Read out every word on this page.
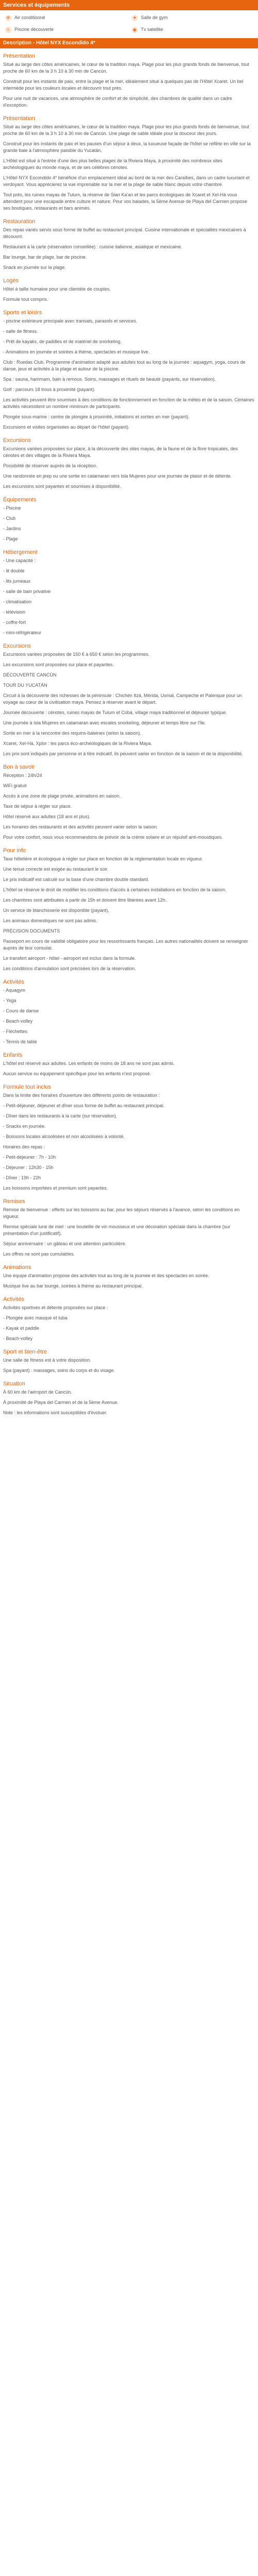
Services et équipements
❄ Air conditionné	♥	Salle de gym
≈	Piscine découverte	◉ Tv satellite
Description - Hôtel NYX Escondido 4*
Présentation
Situé au large des côtes américaines, le cœur de la tradition maya. Plage pour les plus grands fonds de bienvenue, tout proche de 60 km de la 3 h 10 à 30 min de Cancún.
Construit pour les instants de paix, entre la plage et la mer, idéalement situé à quelques pas de l'Hôtel Xcaret. Un bel intermède pour les couleurs locales et découvrir tout près.
Pour une nuit de vacances, une atmosphère de confort et de simplicité, des chambres de qualité dans un cadre d'exception.
Présentation
Situé au large des côtes américaines, le cœur de la tradition maya. Plage pour les plus grands fonds de bienvenue, tout proche de 60 km de la 3 h 10 à 30 min de Cancún. Une plage de sable idéale pour la douceur des jours.
Construit pour les instants de paix et les pauses d'un séjour à deux, la luxueuse façade de l'hôtel se reflète en ville sur la grande baie à l'atmosphère paisible du Yucatán.
L'Hôtel est situé à l'entrée d'une des plus belles plages de la Riviera Maya, à proximité des nombreux sites archéologiques du monde maya, et de ses célèbres cénotes.
L'Hôtel NYX Escondido 4* bénéficie d'un emplacement idéal au bord de la mer des Caraïbes, dans un cadre luxuriant et verdoyant. Vous apprécierez la vue imprenable sur la mer et la plage de sable blanc depuis votre chambre.
Tout près, les ruines mayas de Tulum, la réserve de Sian Ka'an et les parcs écologiques de Xcaret et Xel-Há vous attendent pour une escapade entre culture et nature. Pour vos balades, la 5ème Avenue de Playa del Carmen propose ses boutiques, restaurants et bars animés.
Restauration
Des repas variés servis sous forme de buffet au restaurant principal. Cuisine internationale et spécialités mexicaines à découvrir.
Restaurant à la carte (réservation conseillée) : cuisine italienne, asiatique et mexicaine.
Bar lounge, bar de plage, bar de piscine.
Snack en journée sur la plage.
Logés
Hôtel à taille humaine pour une clientèle de couples.
Formule tout compris.
Sports et loisirs
- piscine extérieure principale avec transats, parasols et services.
- salle de fitness.
- Prêt de kayaks, de paddles et de matériel de snorkeling.
- Animations en journée et soirées à thème, spectacles et musique live.
Club : Ruedas Club. Programme d'animation adapté aux adultes tout au long de la journée : aquagym, yoga, cours de danse, jeux et activités à la plage et autour de la piscine.
Spa : sauna, hammam, bain à remous. Soins, massages et rituels de beauté (payants, sur réservation).
Golf : parcours 18 trous à proximité (payant).
Les activités peuvent être soumises à des conditions de fonctionnement en fonction de la météo et de la saison. Certaines activités nécessitent un nombre minimum de participants.
Plongée sous-marine : centre de plongée à proximité, initiations et sorties en mer (payant).
Excursions et visites organisées au départ de l'hôtel (payant).
Excursions
Excursions variées proposées sur place, à la découverte des sites mayas, de la faune et de la flore tropicales, des cénotes et des villages de la Riviera Maya.
Possibilité de réserver auprès de la réception.
Une randonnée en jeep ou une sortie en catamaran vers Isla Mujeres pour une journée de plaisir et de détente.
Les excursions sont payantes et soumises à disponibilité.
Équipements
- Piscine
- Club
- Jardins
- Plage
Hébergement
- Une capacité :
- lit double
- lits jumeaux
- salle de bain privative
- climatisation
- télévision
- coffre-fort
- mini-réfrigérateur
Excursions
Excursions variées proposées de 150 € à 650 € selon les programmes.
Les excursions sont proposées sur place et payantes.
DÉCOUVERTE CANCÚN
TOUR DU YUCATÁN
Circuit à la découverte des richesses de la péninsule : Chichén Itzá, Mérida, Uxmal, Campeche et Palenque pour un voyage au cœur de la civilisation maya. Pensez à réserver avant le départ.
Journée découverte : cénotes, ruines mayas de Tulum et Cobá, village maya traditionnel et déjeuner typique.
Une journée à Isla Mujeres en catamaran avec escales snorkeling, déjeuner et temps libre sur l'île.
Sortie en mer à la rencontre des requins-baleines (selon la saison).
Xcaret, Xel-Há, Xplor : les parcs éco-archéologiques de la Riviera Maya.
Les prix sont indiqués par personne et à titre indicatif, ils peuvent varier en fonction de la saison et de la disponibilité.
Bon à savoir
Réception : 24h/24
WiFi gratuit
Accès à une zone de plage privée, animations en saison.
Taxe de séjour à régler sur place.
Hôtel réservé aux adultes (18 ans et plus).
Les horaires des restaurants et des activités peuvent varier selon la saison.
Pour votre confort, nous vous recommandons de prévoir de la crème solaire et un répulsif anti-moustiques.
Pour info
Taxe hôtelière et écologique à régler sur place en fonction de la réglementation locale en vigueur.
Une tenue correcte est exigée au restaurant le soir.
Le prix indicatif est calculé sur la base d'une chambre double standard.
L'hôtel se réserve le droit de modifier les conditions d'accès à certaines installations en fonction de la saison.
Les chambres sont attribuées à partir de 15h et doivent être libérées avant 12h.
Un service de blanchisserie est disponible (payant).
Les animaux domestiques ne sont pas admis.
PRÉCISION DOCUMENTS
Passeport en cours de validité obligatoire pour les ressortissants français. Les autres nationalités doivent se renseigner auprès de leur consulat.
Le transfert aéroport - hôtel - aéroport est inclus dans la formule.
Les conditions d'annulation sont précisées lors de la réservation.
Activités
- Aquagym
- Yoga
- Cours de danse
- Beach-volley
- Fléchettes
- Tennis de table
Enfants
L'hôtel est réservé aux adultes. Les enfants de moins de 18 ans ne sont pas admis.
Aucun service ou équipement spécifique pour les enfants n'est proposé.
Formule tout inclus
Dans la limite des horaires d'ouverture des différents points de restauration :
- Petit-déjeuner, déjeuner et dîner sous forme de buffet au restaurant principal.
- Dîner dans les restaurants à la carte (sur réservation).
- Snacks en journée.
- Boissons locales alcoolisées et non alcoolisées à volonté.
Horaires des repas :
- Petit-déjeuner : 7h - 10h
- Déjeuner : 12h30 - 15h
- Dîner : 19h - 22h
Les boissons importées et premium sont payantes.
Remises
Remise de bienvenue : offerts sur les boissons au bar, pour les séjours réservés à l'avance, selon les conditions en vigueur.
Remise spéciale lune de miel : une bouteille de vin mousseux et une décoration spéciale dans la chambre (sur présentation d'un justificatif).
Séjour anniversaire : un gâteau et une attention particulière.
Les offres ne sont pas cumulables.
Animations
Une équipe d'animation propose des activités tout au long de la journée et des spectacles en soirée.
Musique live au bar lounge, soirées à thème au restaurant principal.
Activités
Activités sportives et détente proposées sur place :
- Plongée avec masque et tuba
- Kayak et paddle
- Beach-volley
Sport et bien-être
Une salle de fitness est à votre disposition.
Spa (payant) : massages, soins du corps et du visage.
Situation
À 60 km de l'aéroport de Cancún.
À proximité de Playa del Carmen et de la 5ème Avenue.
Note : les informations sont susceptibles d'évoluer.
